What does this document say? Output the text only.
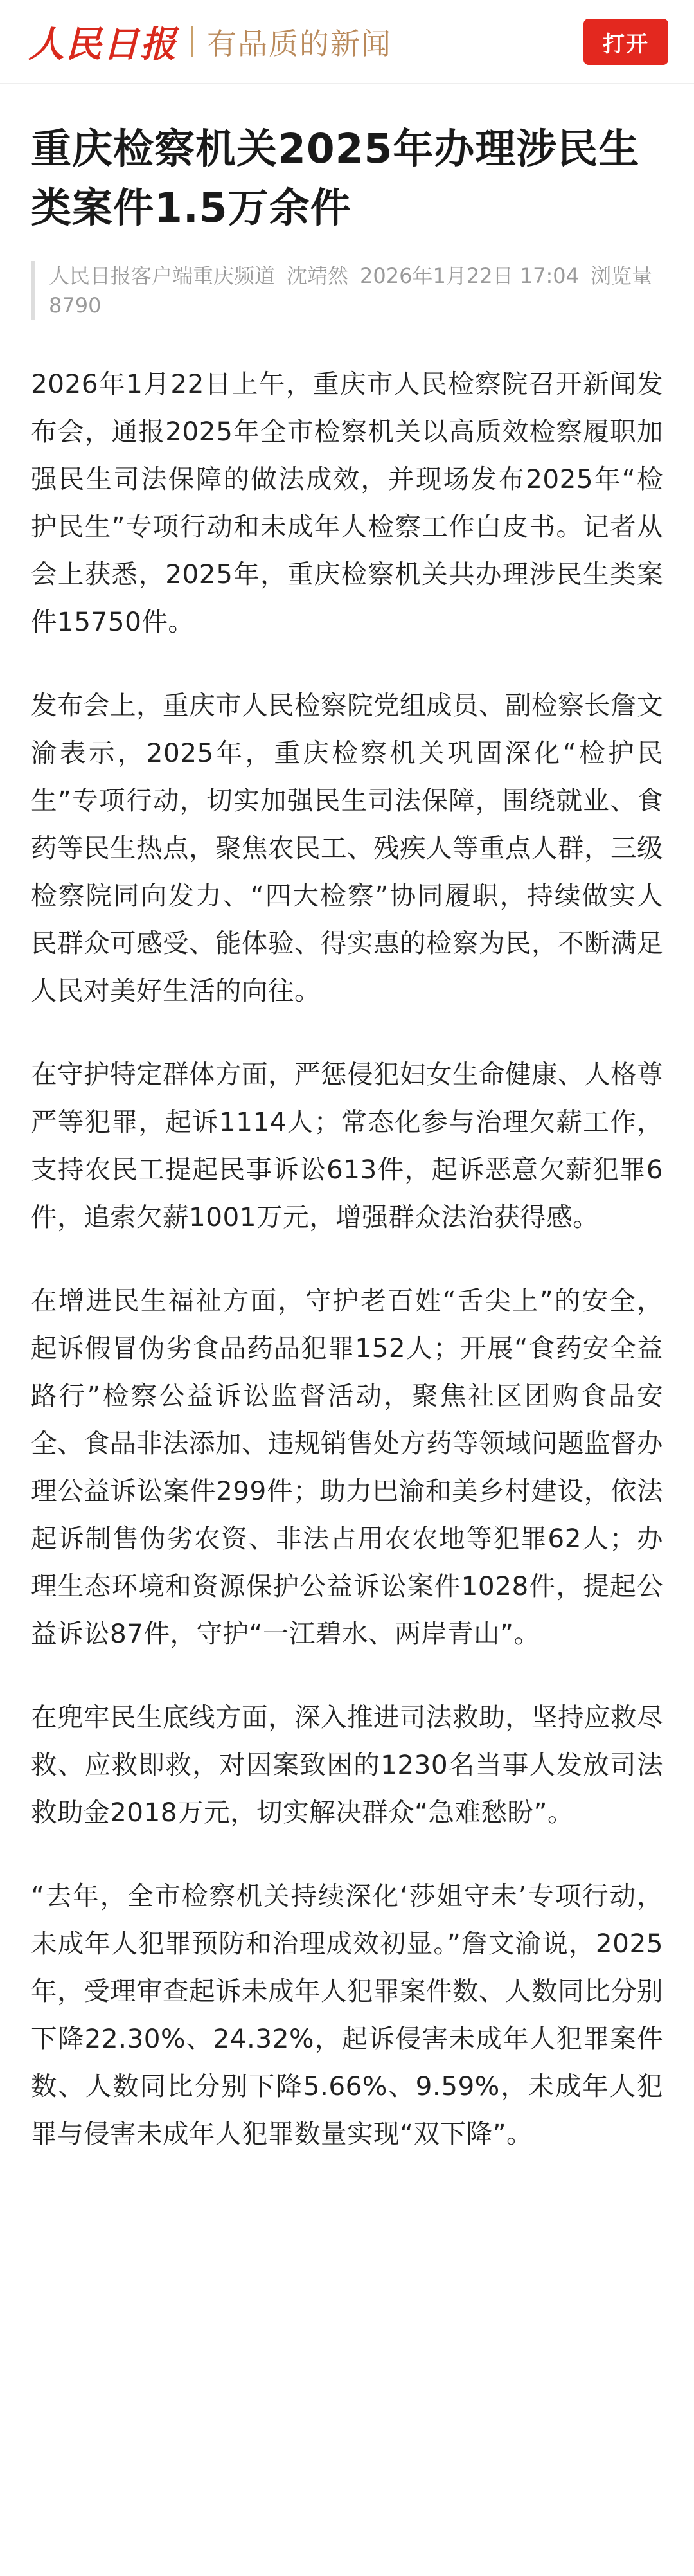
人民日报 有品质的新闻	打开
重庆检察机关2025年办理涉民生类案件1.5万余件
人民日报客户端重庆频道 沈靖然 2026年1月22日 17:04 浏览量8790

2026年1月22日上午，重庆市人民检察院召开新闻发布会，通报2025年全市检察机关以高质效检察履职加强民生司法保障的做法成效，并现场发布2025年“检护民生”专项行动和未成年人检察工作白皮书。记者从会上获悉，2025年，重庆检察机关共办理涉民生类案件15750件。

发布会上，重庆市人民检察院党组成员、副检察长詹文渝表示，2025年，重庆检察机关巩固深化“检护民生”专项行动，切实加强民生司法保障，围绕就业、食药等民生热点，聚焦农民工、残疾人等重点人群，三级检察院同向发力、“四大检察”协同履职，持续做实人民群众可感受、能体验、得实惠的检察为民，不断满足人民对美好生活的向往。

在守护特定群体方面，严惩侵犯妇女生命健康、人格尊严等犯罪，起诉1114人；常态化参与治理欠薪工作，支持农民工提起民事诉讼613件，起诉恶意欠薪犯罪6件，追索欠薪1001万元，增强群众法治获得感。

在增进民生福祉方面，守护老百姓“舌尖上”的安全，起诉假冒伪劣食品药品犯罪152人；开展“食药安全益路行”检察公益诉讼监督活动，聚焦社区团购食品安全、食品非法添加、违规销售处方药等领域问题监督办理公益诉讼案件299件；助力巴渝和美乡村建设，依法起诉制售伪劣农资、非法占用农农地等犯罪62人；办理生态环境和资源保护公益诉讼案件1028件，提起公益诉讼87件，守护“一江碧水、两岸青山”。

在兜牢民生底线方面，深入推进司法救助，坚持应救尽救、应救即救，对因案致困的1230名当事人发放司法救助金2018万元，切实解决群众“急难愁盼”。

“去年，全市检察机关持续深化‘莎姐守未’专项行动，未成年人犯罪预防和治理成效初显。”詹文渝说，2025年，受理审查起诉未成年人犯罪案件数、人数同比分别下降22.30%、24.32%，起诉侵害未成年人犯罪案件数、人数同比分别下降5.66%、9.59%，未成年人犯罪与侵害未成年人犯罪数量实现“双下降”。
